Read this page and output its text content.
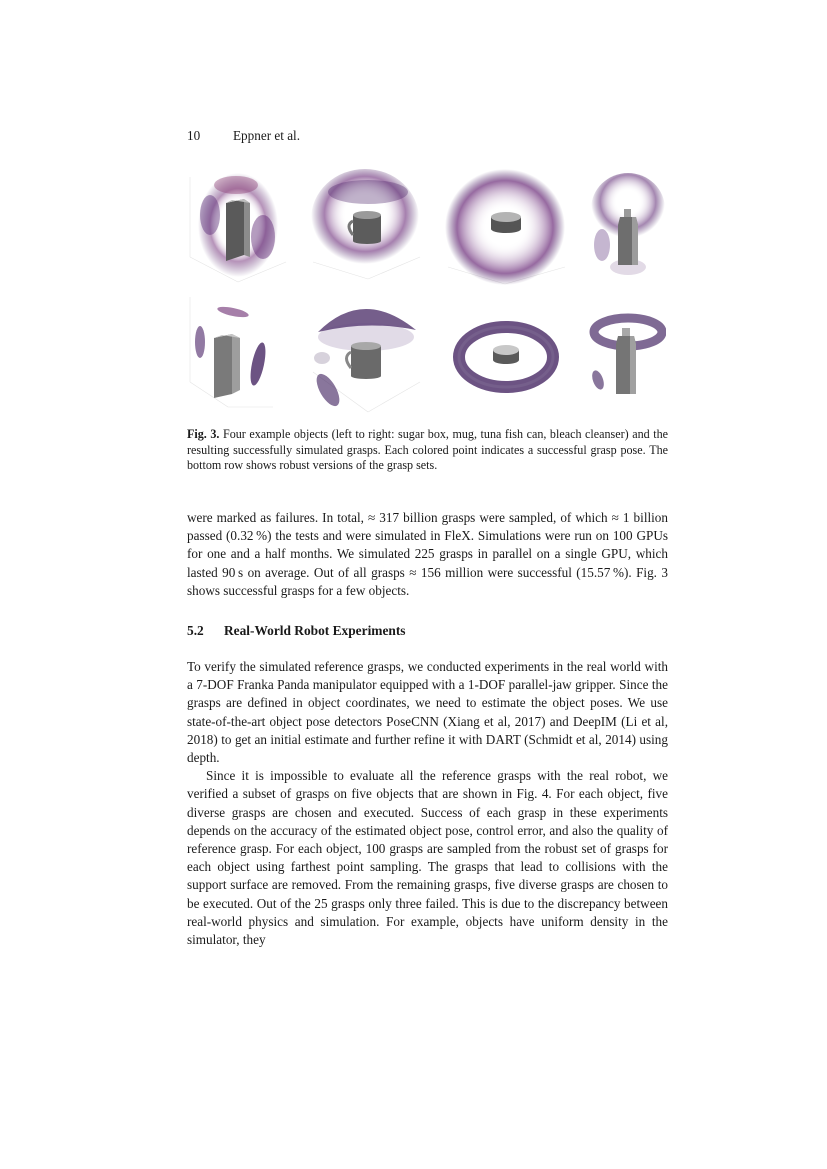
10 Eppner et al.
Fig. 3. Four example objects (left to right: sugar box, mug, tuna fish can, bleach cleanser) and the resulting successfully simulated grasps. Each colored point indicates a successful grasp pose. The bottom row shows robust versions of the grasp sets.

were marked as failures. In total, ≈ 317 billion grasps were sampled, of which ≈ 1 billion passed (0.32 %) the tests and were simulated in FleX. Simulations were run on 100 GPUs for one and a half months. We simulated 225 grasps in parallel on a single GPU, which lasted 90 s on average. Out of all grasps ≈ 156 million were successful (15.57 %). Fig. 3 shows successful grasps for a few objects.

5.2 Real-World Robot Experiments

To verify the simulated reference grasps, we conducted experiments in the real world with a 7-DOF Franka Panda manipulator equipped with a 1-DOF parallel-jaw gripper. Since the grasps are defined in object coordinates, we need to estimate the object poses. We use state-of-the-art object pose detectors PoseCNN (Xiang et al, 2017) and DeepIM (Li et al, 2018) to get an initial estimate and further refine it with DART (Schmidt et al, 2014) using depth.

Since it is impossible to evaluate all the reference grasps with the real robot, we verified a subset of grasps on five objects that are shown in Fig. 4. For each object, five diverse grasps are chosen and executed. Success of each grasp in these experiments depends on the accuracy of the estimated object pose, control error, and also the quality of reference grasp. For each object, 100 grasps are sampled from the robust set of grasps for each object using farthest point sampling. The grasps that lead to collisions with the support surface are removed. From the remaining grasps, five diverse grasps are chosen to be executed. Out of the 25 grasps only three failed. This is due to the discrepancy between real-world physics and simulation. For example, objects have uniform density in the simulator, they
